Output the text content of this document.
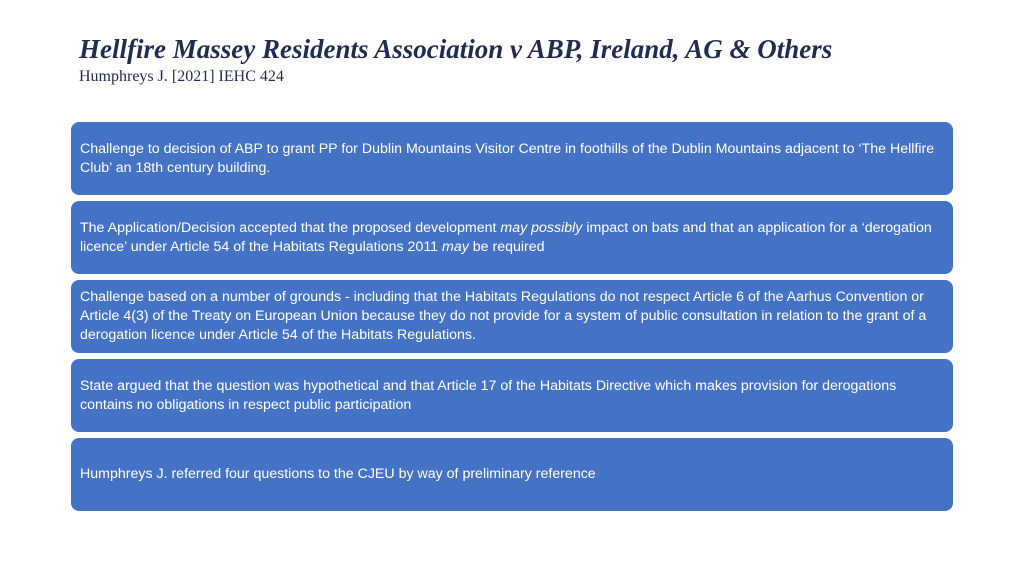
Hellfire Massey Residents Association v ABP, Ireland, AG & Others
Humphreys J. [2021] IEHC 424

Challenge to decision of ABP to grant PP for Dublin Mountains Visitor Centre in foothills of the Dublin Mountains adjacent to ‘The Hellfire Club’ an 18th century building.

The Application/Decision accepted that the proposed development may possibly impact on bats and that an application for a ‘derogation licence’ under Article 54 of the Habitats Regulations 2011 may be required

Challenge based on a number of grounds - including that the Habitats Regulations do not respect Article 6 of the Aarhus Convention or Article 4(3) of the Treaty on European Union because they do not provide for a system of public consultation in relation to the grant of a derogation licence under Article 54 of the Habitats Regulations.

State argued that the question was hypothetical and that Article 17 of the Habitats Directive which makes provision for derogations contains no obligations in respect public participation

Humphreys J. referred four questions to the CJEU by way of preliminary reference
